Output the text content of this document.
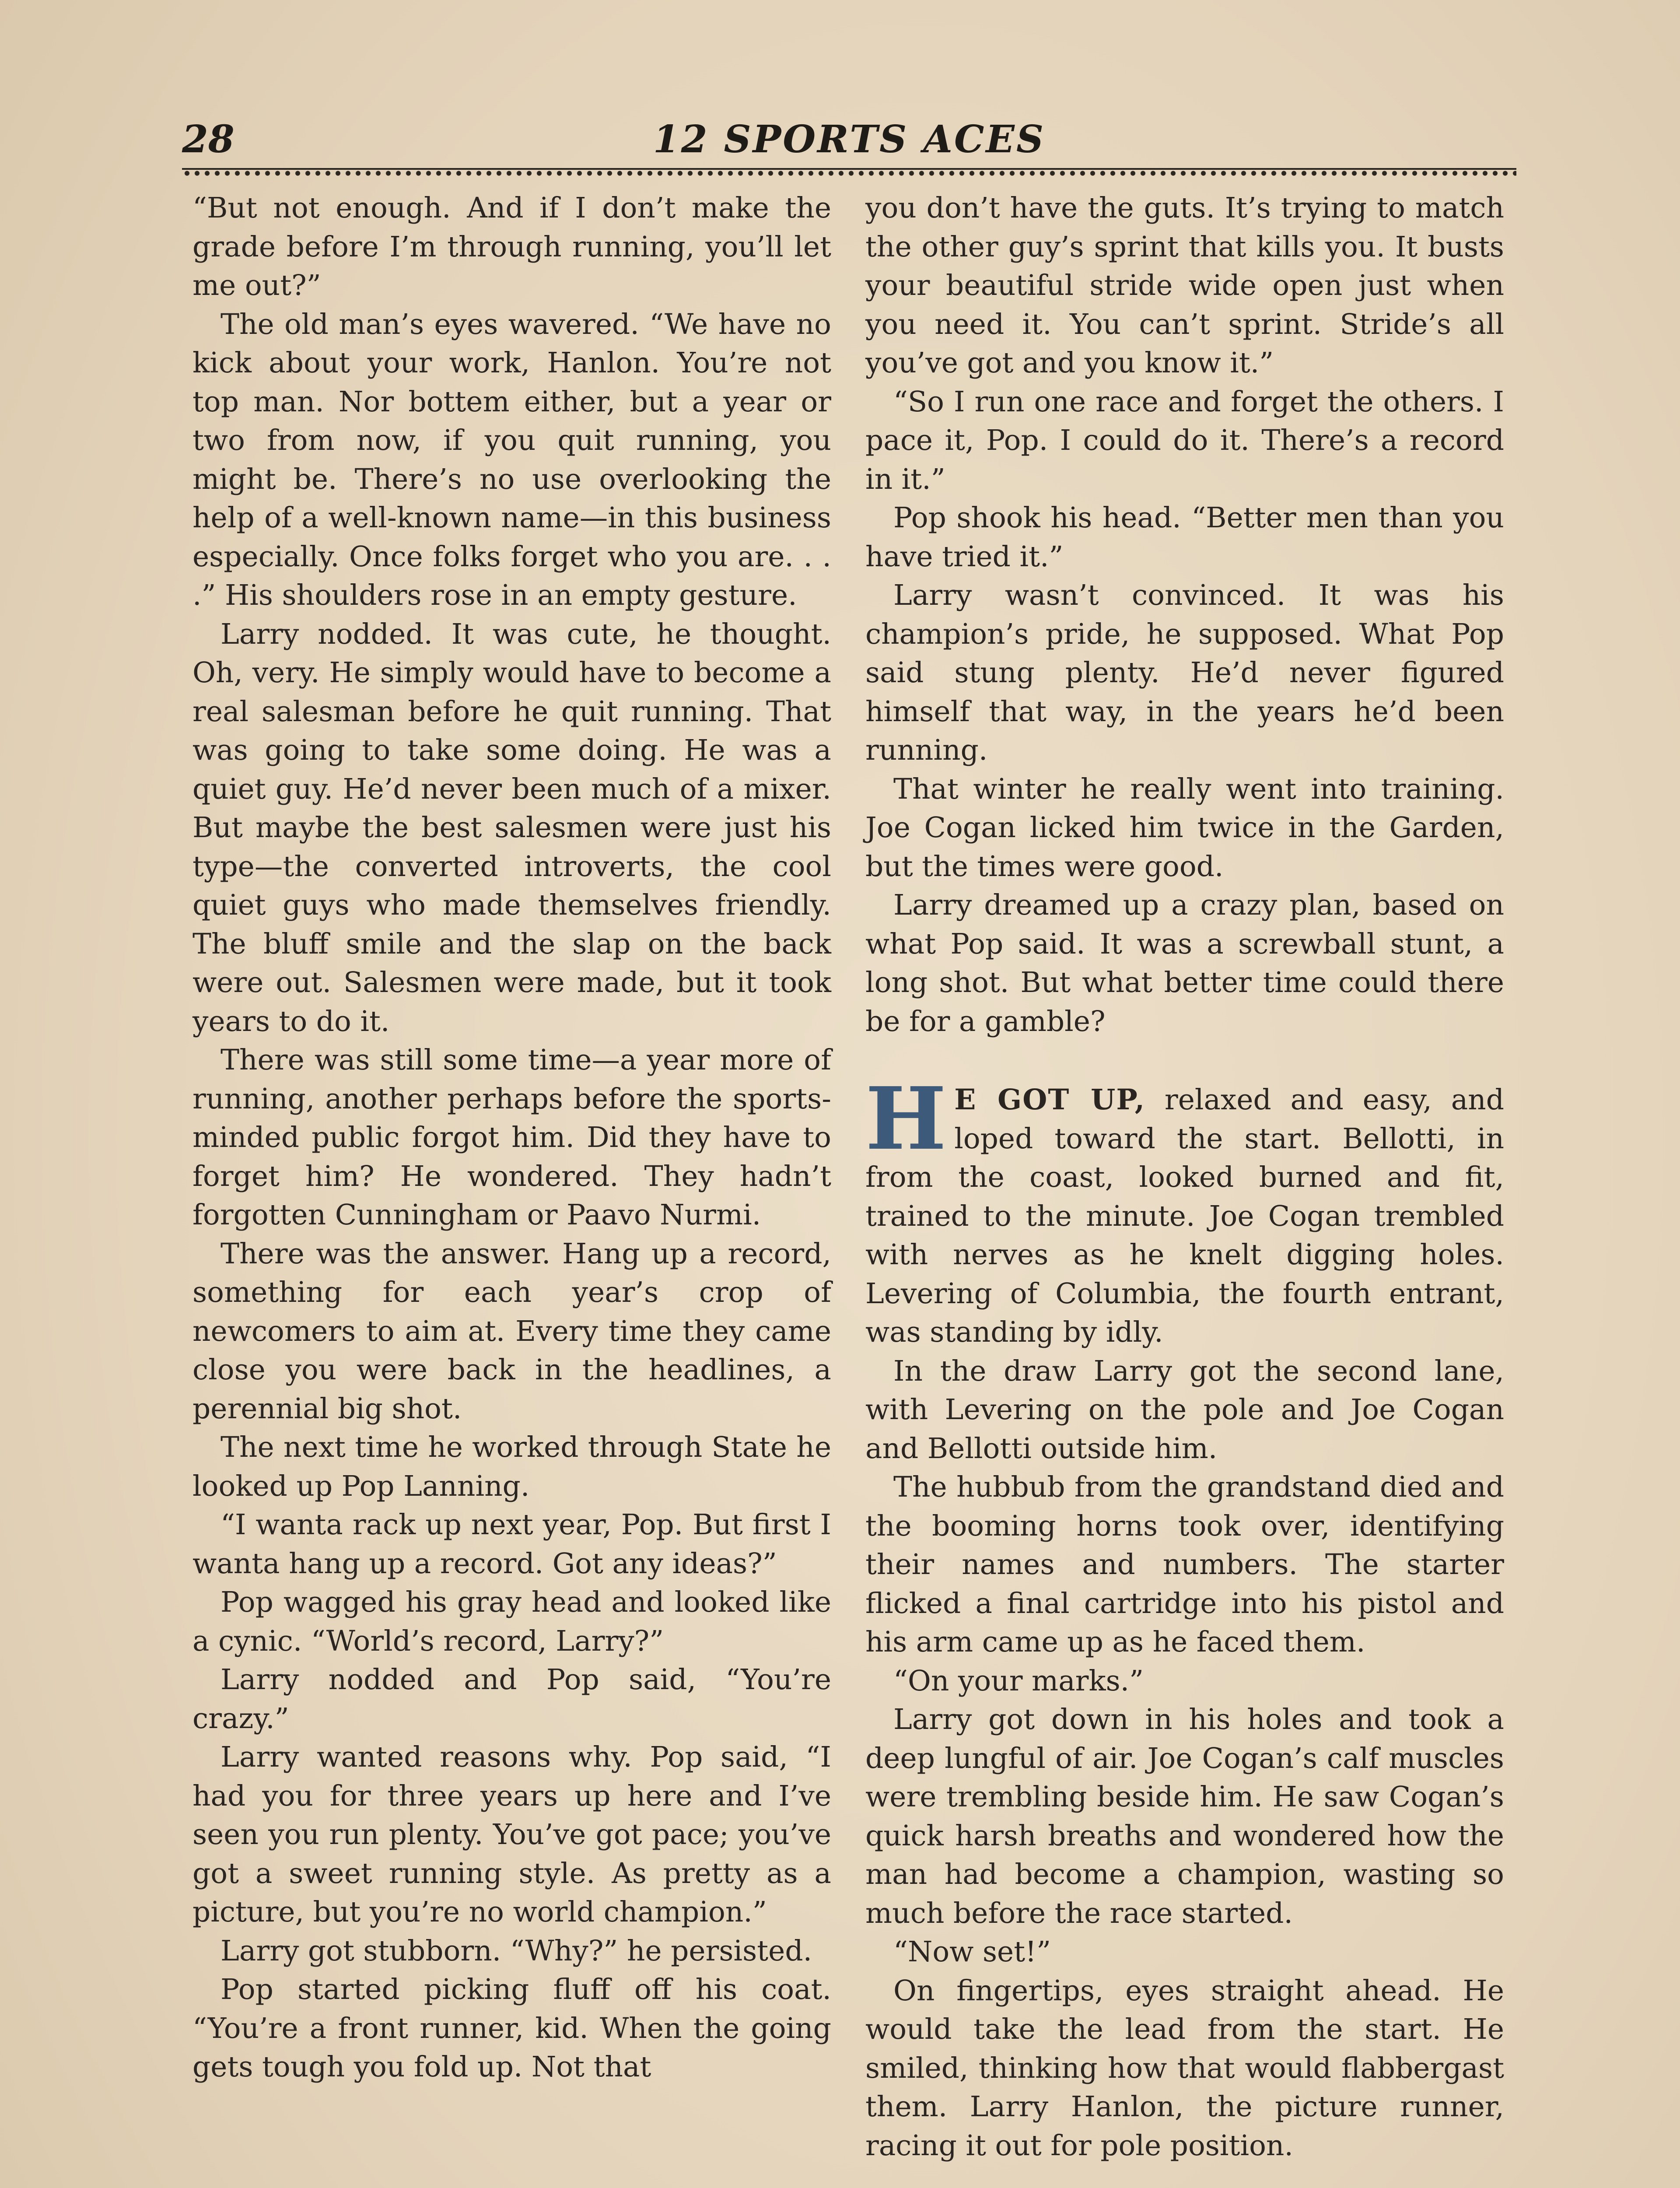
28	12 SPORTS ACES

“But not enough. And if I don’t make the grade before I’m through running, you’ll let me out?”

The old man’s eyes wavered. “We have no kick about your work, Hanlon. You’re not top man. Nor bottem either, but a year or two from now, if you quit running, you might be. There’s no use overlooking the help of a well-known name—in this business especially. Once folks forget who you are. . . .” His shoulders rose in an empty gesture.

Larry nodded. It was cute, he thought. Oh, very. He simply would have to become a real salesman before he quit running. That was going to take some doing. He was a quiet guy. He’d never been much of a mixer. But maybe the best salesmen were just his type—the converted introverts, the cool quiet guys who made themselves friendly. The bluff smile and the slap on the back were out. Salesmen were made, but it took years to do it.

There was still some time—a year more of running, another perhaps before the sports-minded public forgot him. Did they have to forget him? He wondered. They hadn’t forgotten Cunningham or Paavo Nurmi.

There was the answer. Hang up a record, something for each year’s crop of newcomers to aim at. Every time they came close you were back in the headlines, a perennial big shot.

The next time he worked through State he looked up Pop Lanning.

“I wanta rack up next year, Pop. But first I wanta hang up a record. Got any ideas?”

Pop wagged his gray head and looked like a cynic. “World’s record, Larry?”

Larry nodded and Pop said, “You’re crazy.”

Larry wanted reasons why. Pop said, “I had you for three years up here and I’ve seen you run plenty. You’ve got pace; you’ve got a sweet running style. As pretty as a picture, but you’re no world champion.”

Larry got stubborn. “Why?” he persisted.

Pop started picking fluff off his coat. “You’re a front runner, kid. When the going gets tough you fold up. Not that

you don’t have the guts. It’s trying to match the other guy’s sprint that kills you. It busts your beautiful stride wide open just when you need it. You can’t sprint. Stride’s all you’ve got and you know it.”

“So I run one race and forget the others. I pace it, Pop. I could do it. There’s a record in it.”

Pop shook his head. “Better men than you have tried it.”

Larry wasn’t convinced. It was his champion’s pride, he supposed. What Pop said stung plenty. He’d never figured himself that way, in the years he’d been running.

That winter he really went into training. Joe Cogan licked him twice in the Garden, but the times were good.

Larry dreamed up a crazy plan, based on what Pop said. It was a screwball stunt, a long shot. But what better time could there be for a gamble?

H E GOT UP, relaxed and easy, and loped toward the start. Bellotti, in from the coast, looked burned and fit, trained to the minute. Joe Cogan trembled with nerves as he knelt digging holes. Levering of Columbia, the fourth entrant, was standing by idly.

In the draw Larry got the second lane, with Levering on the pole and Joe Cogan and Bellotti outside him.

The hubbub from the grandstand died and the booming horns took over, identifying their names and numbers. The starter flicked a final cartridge into his pistol and his arm came up as he faced them.

“On your marks.”

Larry got down in his holes and took a deep lungful of air. Joe Cogan’s calf muscles were trembling beside him. He saw Cogan’s quick harsh breaths and wondered how the man had become a champion, wasting so much before the race started.

“Now set!”

On fingertips, eyes straight ahead. He would take the lead from the start. He smiled, thinking how that would flabbergast them. Larry Hanlon, the picture runner, racing it out for pole position.
